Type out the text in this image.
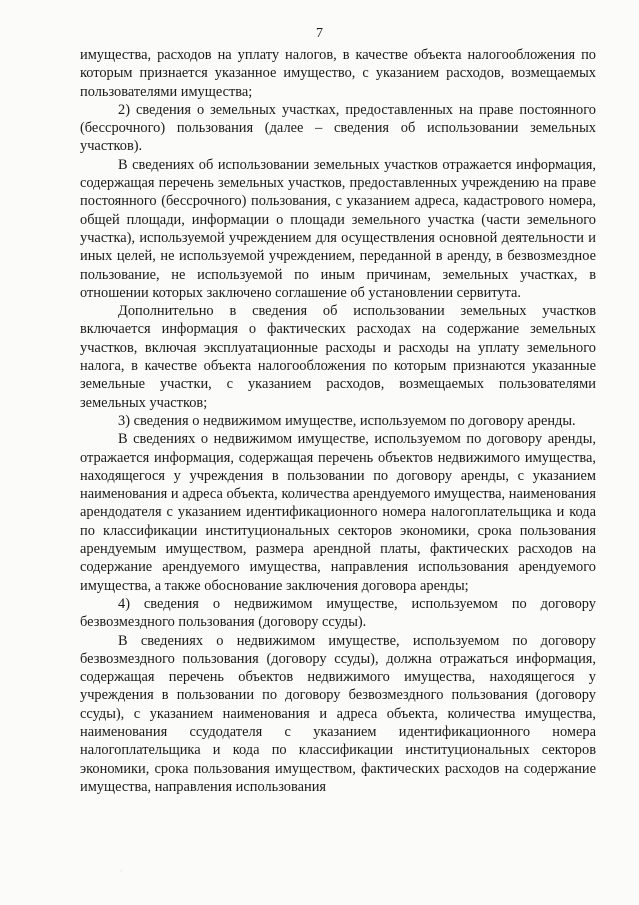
7

имущества, расходов на уплату налогов, в качестве объекта налогообложения по которым признается указанное имущество, с указанием расходов, возмещаемых пользователями имущества;

2) сведения о земельных участках, предоставленных на праве постоянного (бессрочного) пользования (далее – сведения об использовании земельных участков).

В сведениях об использовании земельных участков отражается информация, содержащая перечень земельных участков, предоставленных учреждению на праве постоянного (бессрочного) пользования, с указанием адреса, кадастрового номера, общей площади, информации о площади земельного участка (части земельного участка), используемой учреждением для осуществления основной деятельности и иных целей, не используемой учреждением, переданной в аренду, в безвозмездное пользование, не используемой по иным причинам, земельных участках, в отношении которых заключено соглашение об установлении сервитута.

Дополнительно в сведения об использовании земельных участков включается информация о фактических расходах на содержание земельных участков, включая эксплуатационные расходы и расходы на уплату земельного налога, в качестве объекта налогообложения по которым признаются указанные земельные участки, с указанием расходов, возмещаемых пользователями земельных участков;

3) сведения о недвижимом имуществе, используемом по договору аренды.

В сведениях о недвижимом имуществе, используемом по договору аренды, отражается информация, содержащая перечень объектов недвижимого имущества, находящегося у учреждения в пользовании по договору аренды, с указанием наименования и адреса объекта, количества арендуемого имущества, наименования арендодателя с указанием идентификационного номера налогоплательщика и кода по классификации институциональных секторов экономики, срока пользования арендуемым имуществом, размера арендной платы, фактических расходов на содержание арендуемого имущества, направления использования арендуемого имущества, а также обоснование заключения договора аренды;

4) сведения о недвижимом имуществе, используемом по договору безвозмездного пользования (договору ссуды).

В сведениях о недвижимом имуществе, используемом по договору безвозмездного пользования (договору ссуды), должна отражаться информация, содержащая перечень объектов недвижимого имущества, находящегося у учреждения в пользовании по договору безвозмездного пользования (договору ссуды), с указанием наименования и адреса объекта, количества имущества, наименования ссудодателя с указанием идентификационного номера налогоплательщика и кода по классификации институциональных секторов экономики, срока пользования имуществом, фактических расходов на содержание имущества, направления использования
